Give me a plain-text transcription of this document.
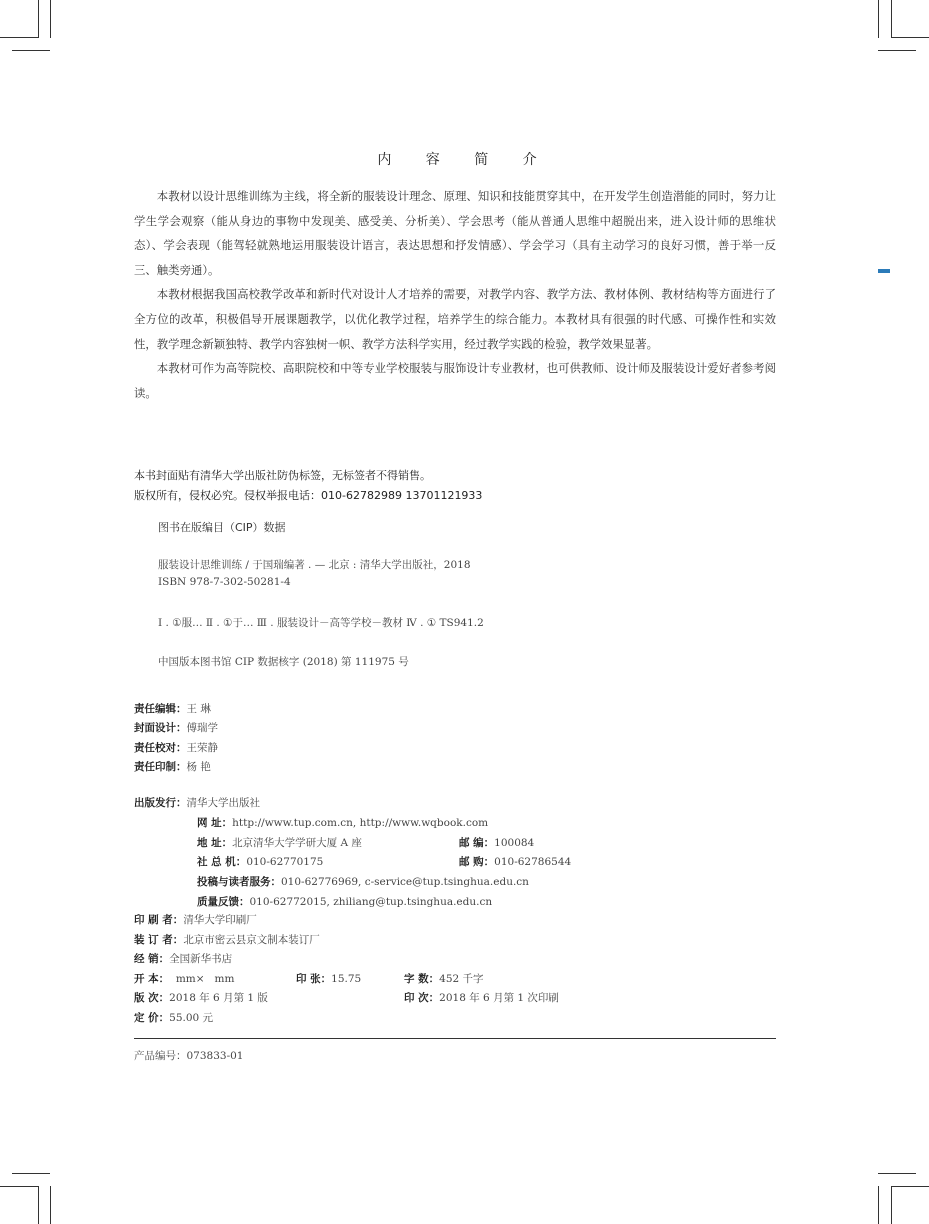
内 容 简 介

本教材以设计思维训练为主线，将全新的服装设计理念、原理、知识和技能贯穿其中，在开发学生创造潜能的同时，努力让学生学会观察（能从身边的事物中发现美、感受美、分析美）、学会思考（能从普通人思维中超脱出来，进入设计师的思维状态）、学会表现（能驾轻就熟地运用服装设计语言，表达思想和抒发情感）、学会学习（具有主动学习的良好习惯，善于举一反三、触类旁通）。

本教材根据我国高校教学改革和新时代对设计人才培养的需要，对教学内容、教学方法、教材体例、教材结构等方面进行了全方位的改革，积极倡导开展课题教学，以优化教学过程，培养学生的综合能力。本教材具有很强的时代感、可操作性和实效性，教学理念新颖独特、教学内容独树一帜、教学方法科学实用，经过教学实践的检验，教学效果显著。

本教材可作为高等院校、高职院校和中等专业学校服装与服饰设计专业教材，也可供教师、设计师及服装设计爱好者参考阅读。

本书封面贴有清华大学出版社防伪标签，无标签者不得销售。
版权所有，侵权必究。侵权举报电话：010-62782989 13701121933
图书在版编目（CIP）数据
服装设计思维训练 / 于国瑞编著 . — 北京 : 清华大学出版社，2018
ISBN 978-7-302-50281-4
Ⅰ . ①服… Ⅱ . ①于… Ⅲ . 服装设计－高等学校－教材 Ⅳ . ① TS941.2
中国版本图书馆 CIP 数据核字 (2018) 第 111975 号
责任编辑： 王 琳
封面设计： 傅瑞学
责任校对： 王荣静
责任印制： 杨 艳
出版发行：清华大学出版社
网 址：http://www.tup.com.cn, http://www.wqbook.com
地 址：北京清华大学学研大厦 A 座	邮 编：100084
社 总 机：010-62770175	邮 购：010-62786544
投稿与读者服务：010-62776969, c-service@tup.tsinghua.edu.cn
质量反馈：010-62772015, zhiliang@tup.tsinghua.edu.cn
印 刷 者：清华大学印刷厂
装 订 者：北京市密云县京文制本装订厂
经 销：全国新华书店
开 本：  mm×   mm	印 张：15.75	字 数：452 千字
版 次：2018 年 6 月第 1 版	印 次：2018 年 6 月第 1 次印刷
定 价：55.00 元
产品编号：073833-01
